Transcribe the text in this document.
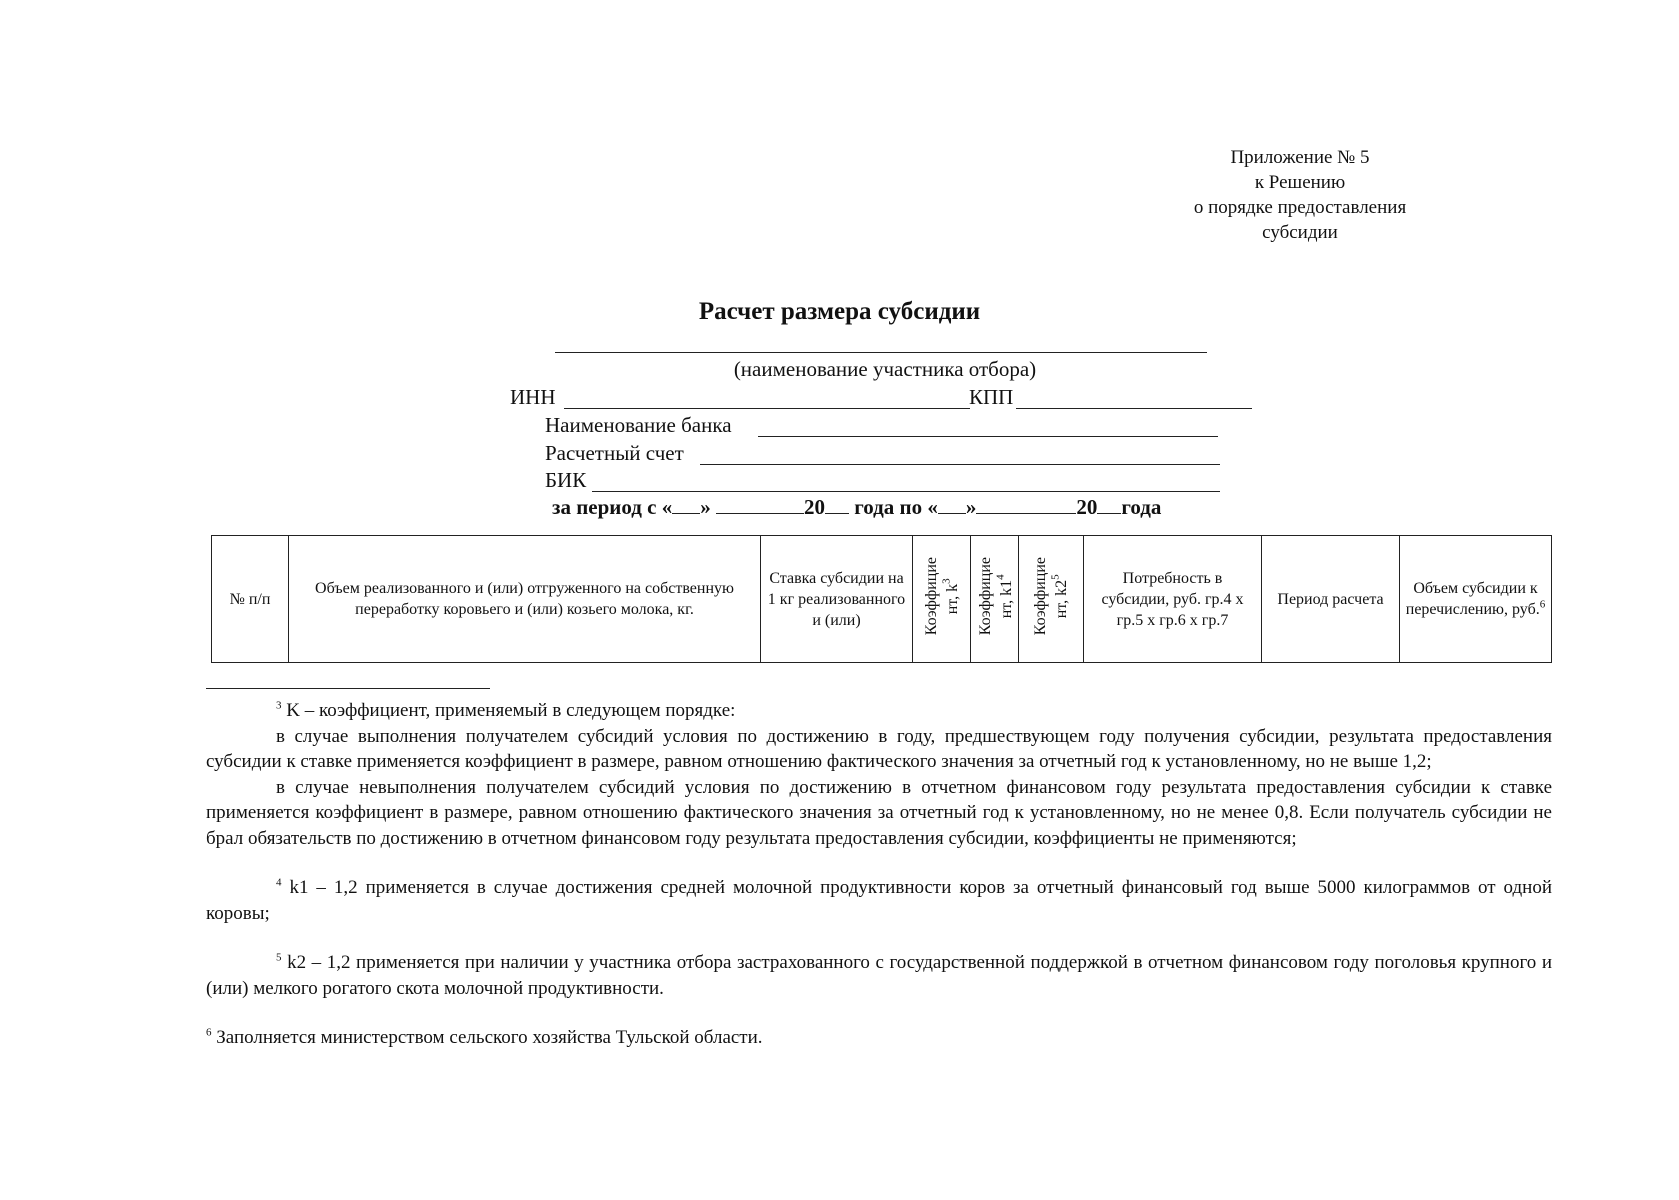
Приложение № 5
к Решению
о порядке предоставления
субсидии
Расчет размера субсидии
(наименование участника отбора)
ИНН	КПП
Наименование банка
Расчетный счет
БИК
за период с « »	20 года по « »	20 года
№ п/п	Объем реализованного и (или) отгруженного на собственную переработку коровьего и (или) козьего молока, кг.	Ставка субсидии на 1 кг реализованного и (или)	Коэффицие нт, $k^3$	Коэффицие нт, $k1^4$	Коэффицие нт, $k2^5$	Потребность в субсидии, руб. гр.4 х гр.5 х гр.6 х гр.7	Период расчета	Объем субсидии к перечислению, руб.$^6$

$^3$ K – коэффициент, применяемый в следующем порядке:

в случае выполнения получателем субсидий условия по достижению в году, предшествующем году получения субсидии, результата предоставления субсидии к ставке применяется коэффициент в размере, равном отношению фактического значения за отчетный год к установленному, но не выше 1,2;

в случае невыполнения получателем субсидий условия по достижению в отчетном финансовом году результата предоставления субсидии к ставке применяется коэффициент в размере, равном отношению фактического значения за отчетный год к установленному, но не менее 0,8. Если получатель субсидии не брал обязательств по достижению в отчетном финансовом году результата предоставления субсидии, коэффициенты не применяются;

$^4$ k1 – 1,2 применяется в случае достижения средней молочной продуктивности коров за отчетный финансовый год выше 5000 килограммов от одной коровы;

$^5$ k2 – 1,2 применяется при наличии у участника отбора застрахованного с государственной поддержкой в отчетном финансовом году поголовья крупного и (или) мелкого рогатого скота молочной продуктивности.

$^6$ Заполняется министерством сельского хозяйства Тульской области.
